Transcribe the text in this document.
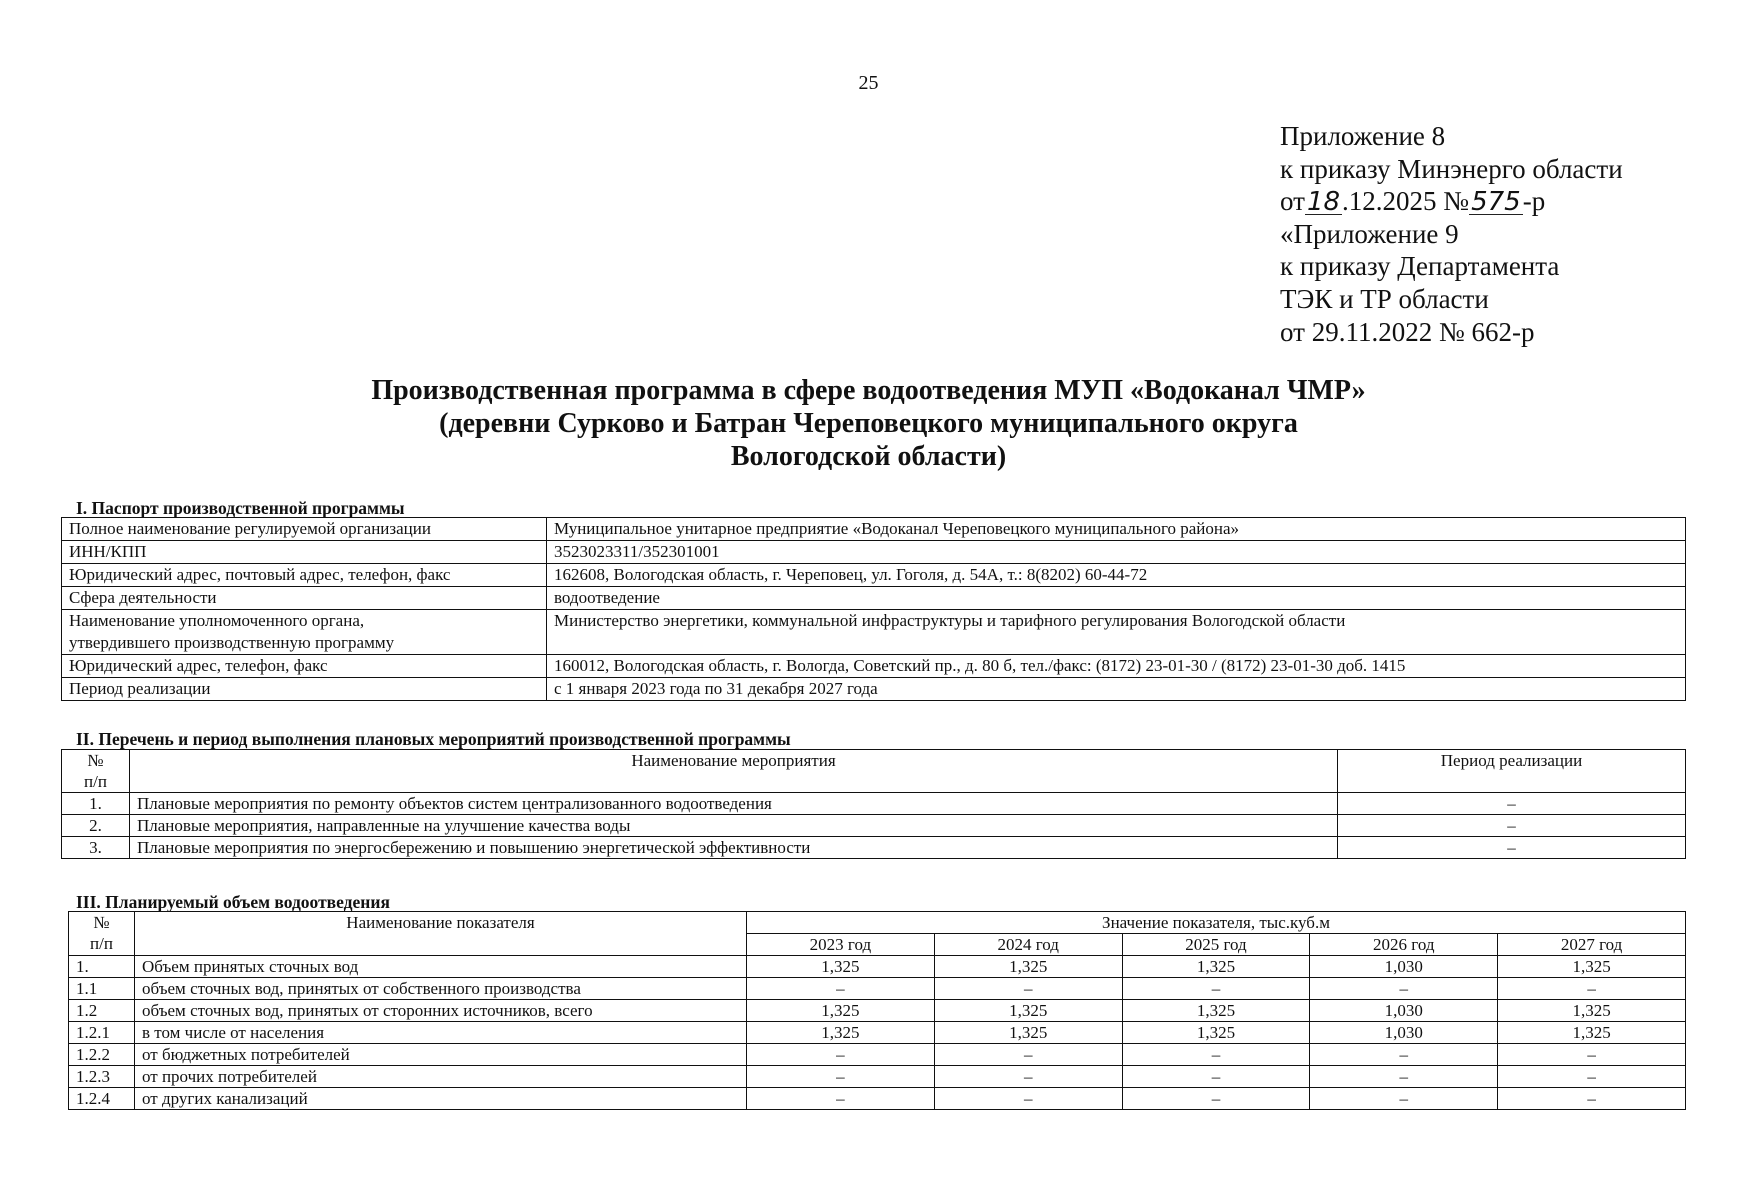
25
Приложение 8
к приказу Минэнерго области
от18.12.2025 №575-р
«Приложение 9
к приказу Департамента
ТЭК и ТР области
от 29.11.2022 № 662-р
Производственная программа в сфере водоотведения МУП «Водоканал ЧМР»
(деревни Сурково и Батран Череповецкого муниципального округа
Вологодской области)
I. Паспорт производственной программы
Полное наименование регулируемой организации	Муниципальное унитарное предприятие «Водоканал Череповецкого муниципального района»
ИНН/КПП	3523023311/352301001
Юридический адрес, почтовый адрес, телефон, факс	162608, Вологодская область, г. Череповец, ул. Гоголя, д. 54А, т.: 8(8202) 60-44-72
Сфера деятельности	водоотведение

Наименование уполномоченного органа,
утвердившего производственную программу	Министерство энергетики, коммунальной инфраструктуры и тарифного регулирования Вологодской области
Юридический адрес, телефон, факс	160012, Вологодская область, г. Вологда, Советский пр., д. 80 б, тел./факс: (8172) 23-01-30 / (8172) 23-01-30 доб. 1415
Период реализации	с 1 января 2023 года по 31 декабря 2027 года
II. Перечень и период выполнения плановых мероприятий производственной программы
№
п/п	Наименование мероприятия	Период реализации
1.	Плановые мероприятия по ремонту объектов систем централизованного водоотведения	–
2.	Плановые мероприятия, направленные на улучшение качества воды	–
3.	Плановые мероприятия по энергосбережению и повышению энергетической эффективности	–
III. Планируемый объем водоотведения
№
п/п	Наименование показателя	Значение показателя, тыс.куб.м				
		2023 год	2024 год	2025 год	2026 год	2027 год
1.	Объем принятых сточных вод	1,325	1,325	1,325	1,030	1,325
1.1	объем сточных вод, принятых от собственного производства	–	–	–	–	–
1.2	объем сточных вод, принятых от сторонних источников, всего	1,325	1,325	1,325	1,030	1,325
1.2.1	в том числе от населения	1,325	1,325	1,325	1,030	1,325
1.2.2	от бюджетных потребителей	–	–	–	–	–
1.2.3	от прочих потребителей	–	–	–	–	–
1.2.4	от других канализаций	–	–	–	–	–
